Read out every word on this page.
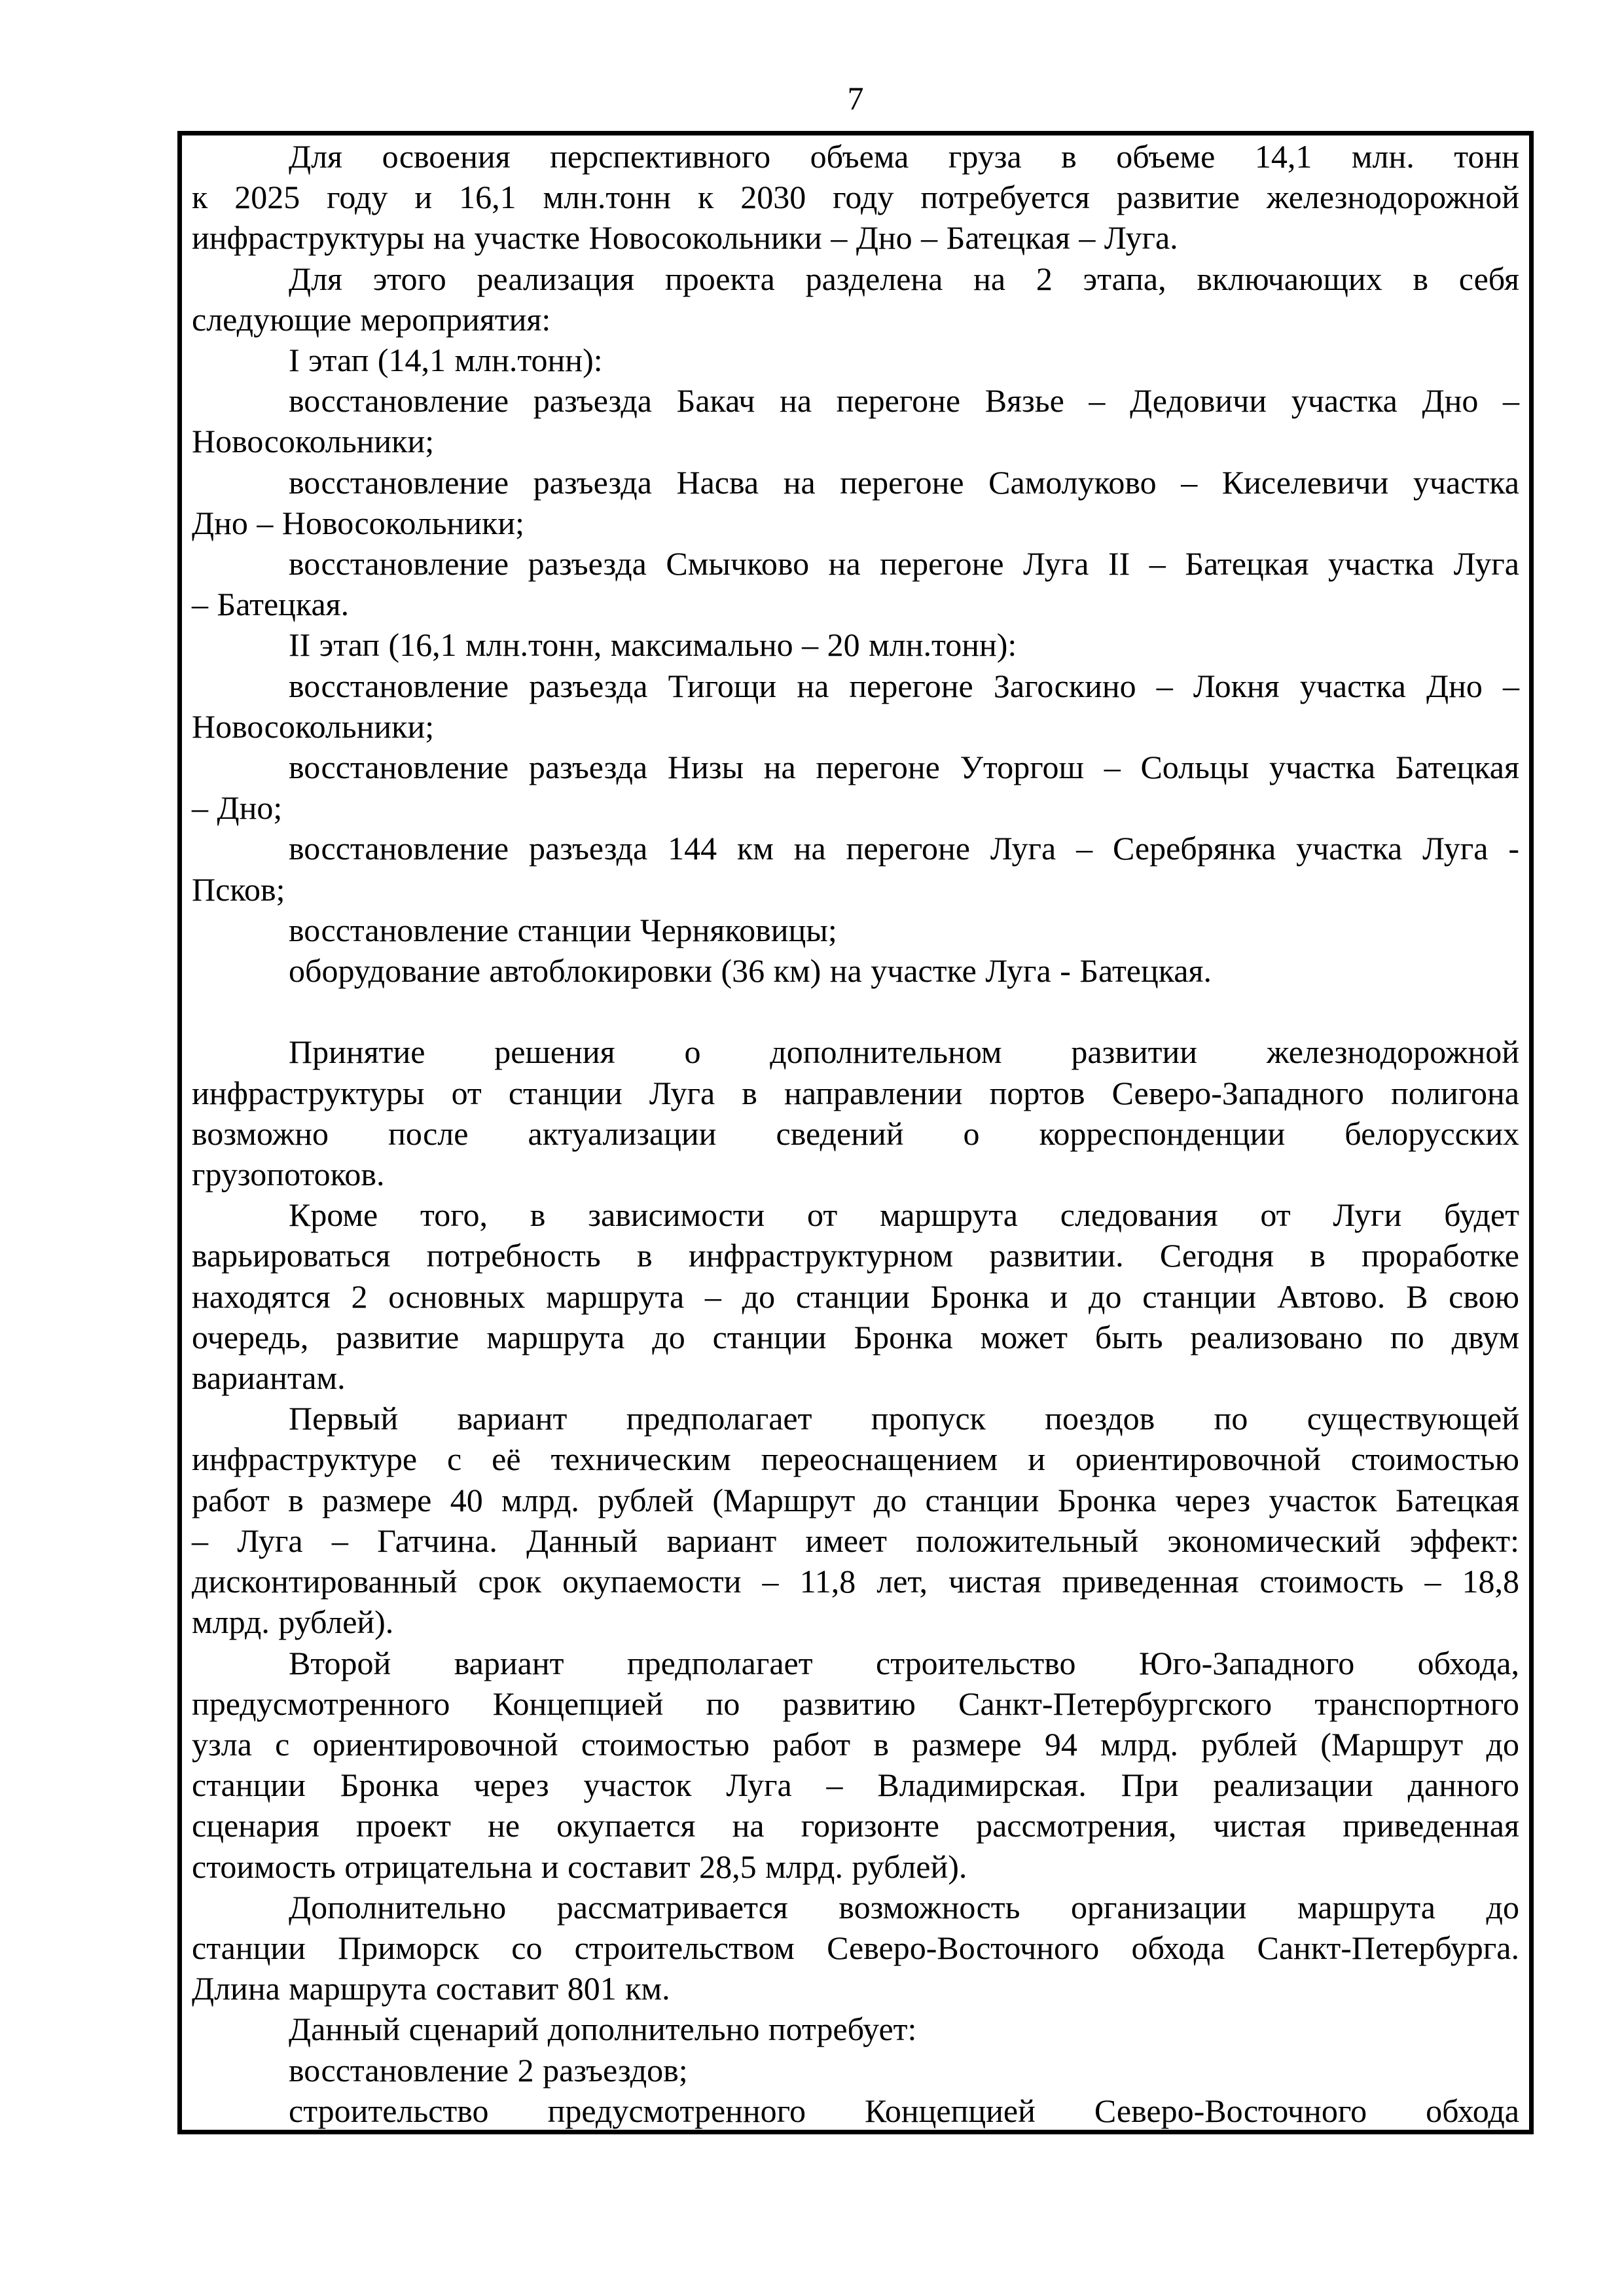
7

Для освоения перспективного объема груза в объеме 14,1 млн. тонн
к 2025 году и 16,1 млн.тонн к 2030 году потребуется развитие железнодорожной
инфраструктуры на участке Новосокольники – Дно – Батецкая – Луга.

Для этого реализация проекта разделена на 2 этапа, включающих в себя
следующие мероприятия:

I этап (14,1 млн.тонн):

восстановление разъезда Бакач на перегоне Вязье – Дедовичи участка Дно –
Новосокольники;

восстановление разъезда Насва на перегоне Самолуково – Киселевичи участка
Дно – Новосокольники;

восстановление разъезда Смычково на перегоне Луга II – Батецкая участка Луга
– Батецкая.

II этап (16,1 млн.тонн, максимально – 20 млн.тонн):

восстановление разъезда Тигощи на перегоне Загоскино – Локня участка Дно –
Новосокольники;

восстановление разъезда Низы на перегоне Уторгош – Сольцы участка Батецкая
– Дно;

восстановление разъезда 144 км на перегоне Луга – Серебрянка участка Луга -
Псков;

восстановление станции Черняковицы;

оборудование автоблокировки (36 км) на участке Луга - Батецкая.

Принятие решения о дополнительном развитии железнодорожной
инфраструктуры от станции Луга в направлении портов Северо-Западного полигона
возможно после актуализации сведений о корреспонденции белорусских
грузопотоков.

Кроме того, в зависимости от маршрута следования от Луги будет
варьироваться потребность в инфраструктурном развитии. Сегодня в проработке
находятся 2 основных маршрута – до станции Бронка и до станции Автово. В свою
очередь, развитие маршрута до станции Бронка может быть реализовано по двум
вариантам.

Первый вариант предполагает пропуск поездов по существующей
инфраструктуре с её техническим переоснащением и ориентировочной стоимостью
работ в размере 40 млрд. рублей (Маршрут до станции Бронка через участок Батецкая
– Луга – Гатчина. Данный вариант имеет положительный экономический эффект:
дисконтированный срок окупаемости – 11,8 лет, чистая приведенная стоимость – 18,8
млрд. рублей).

Второй вариант предполагает строительство Юго-Западного обхода,
предусмотренного Концепцией по развитию Санкт-Петербургского транспортного
узла с ориентировочной стоимостью работ в размере 94 млрд. рублей (Маршрут до
станции Бронка через участок Луга – Владимирская. При реализации данного
сценария проект не окупается на горизонте рассмотрения, чистая приведенная
стоимость отрицательна и составит 28,5 млрд. рублей).

Дополнительно рассматривается возможность организации маршрута до
станции Приморск со строительством Северо-Восточного обхода Санкт-Петербурга.
Длина маршрута составит 801 км.

Данный сценарий дополнительно потребует:

восстановление 2 разъездов;

строительство предусмотренного Концепцией Северо-Восточного обхода
